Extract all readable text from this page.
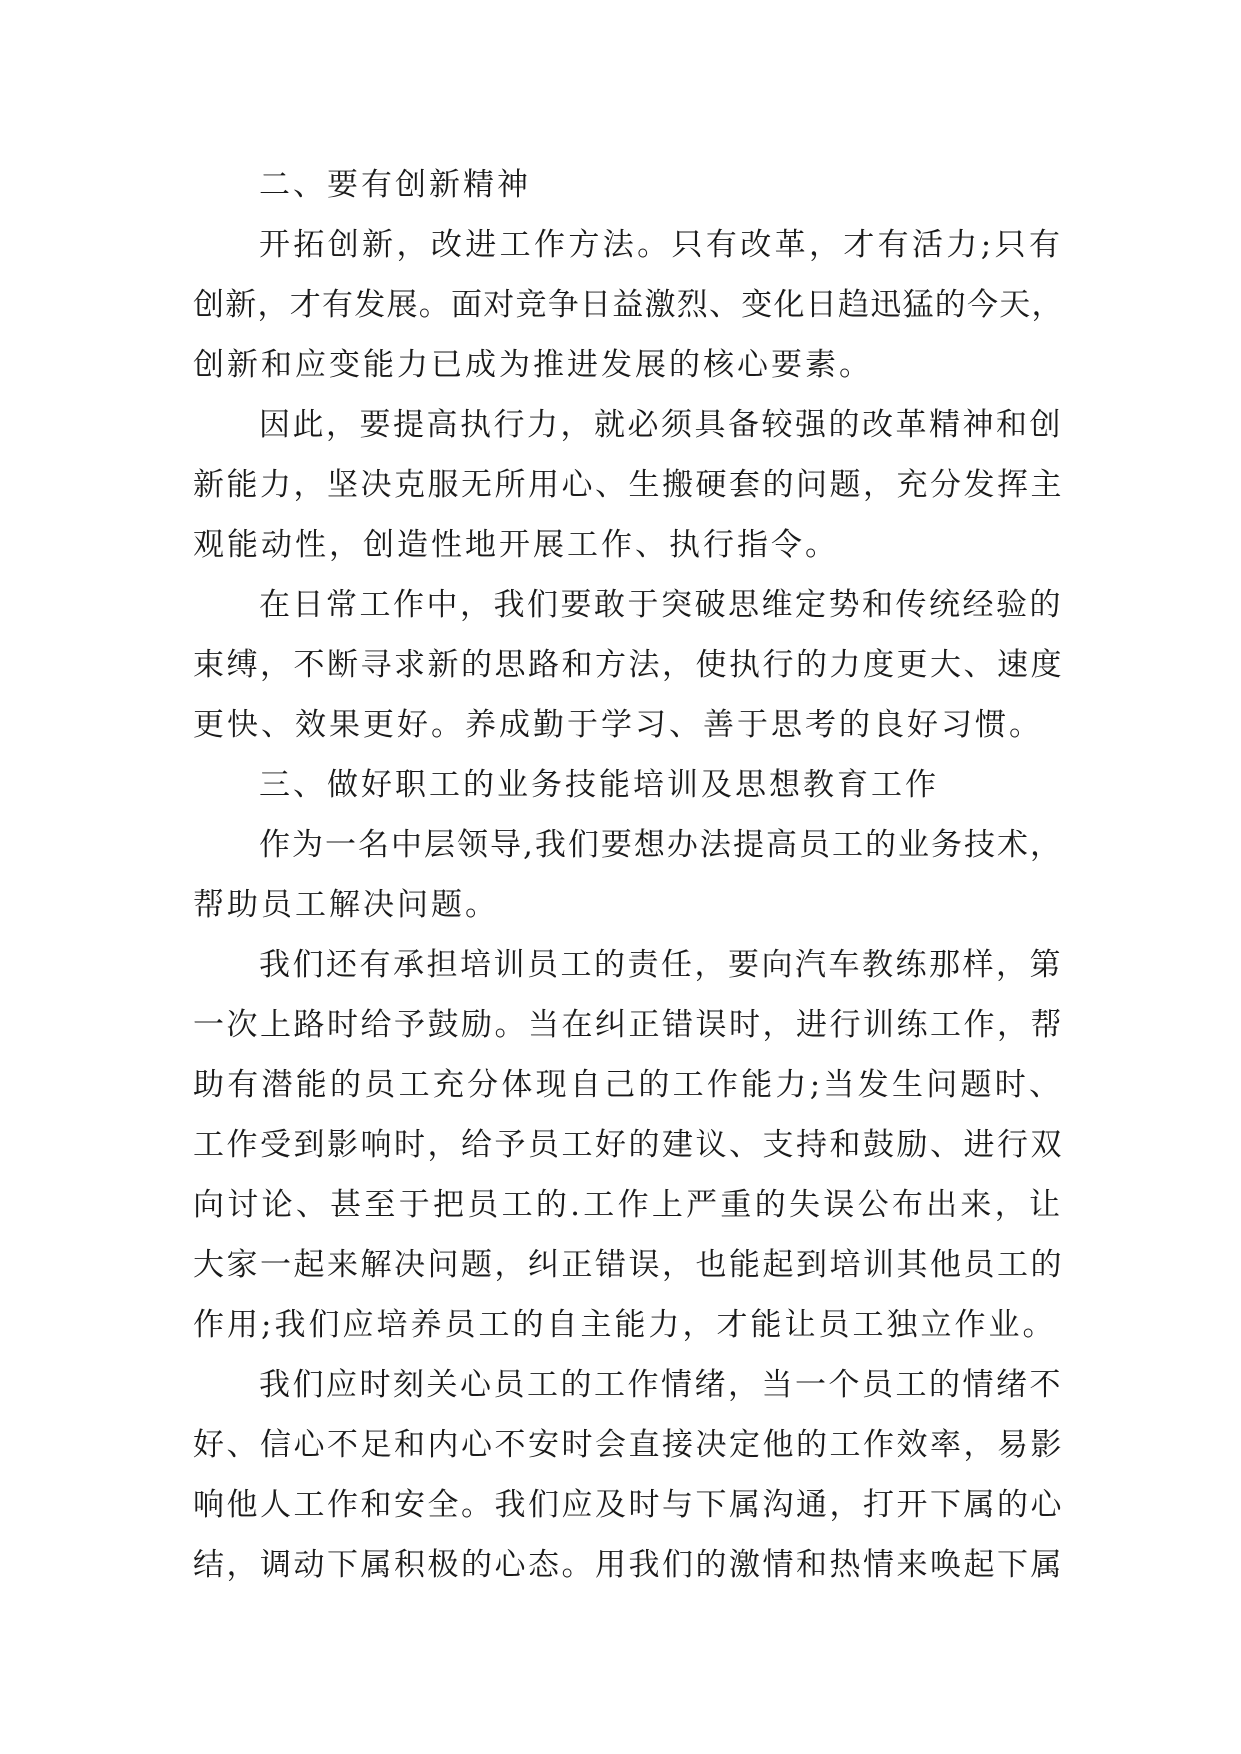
二、要有创新精神
开拓创新，改进工作方法。只有改革，才有活力;只有
创新，才有发展。面对竞争日益激烈、变化日趋迅猛的今天，
创新和应变能力已成为推进发展的核心要素。
因此，要提高执行力，就必须具备较强的改革精神和创
新能力，坚决克服无所用心、生搬硬套的问题，充分发挥主
观能动性，创造性地开展工作、执行指令。
在日常工作中，我们要敢于突破思维定势和传统经验的
束缚，不断寻求新的思路和方法，使执行的力度更大、速度
更快、效果更好。养成勤于学习、善于思考的良好习惯。
三、做好职工的业务技能培训及思想教育工作
作为一名中层领导,我们要想办法提高员工的业务技术，
帮助员工解决问题。
我们还有承担培训员工的责任，要向汽车教练那样，第
一次上路时给予鼓励。当在纠正错误时，进行训练工作，帮
助有潜能的员工充分体现自己的工作能力;当发生问题时、
工作受到影响时，给予员工好的建议、支持和鼓励、进行双
向讨论、甚至于把员工的.工作上严重的失误公布出来，让
大家一起来解决问题，纠正错误，也能起到培训其他员工的
作用;我们应培养员工的自主能力，才能让员工独立作业。
我们应时刻关心员工的工作情绪，当一个员工的情绪不
好、信心不足和内心不安时会直接决定他的工作效率，易影
响他人工作和安全。我们应及时与下属沟通，打开下属的心
结，调动下属积极的心态。用我们的激情和热情来唤起下属
